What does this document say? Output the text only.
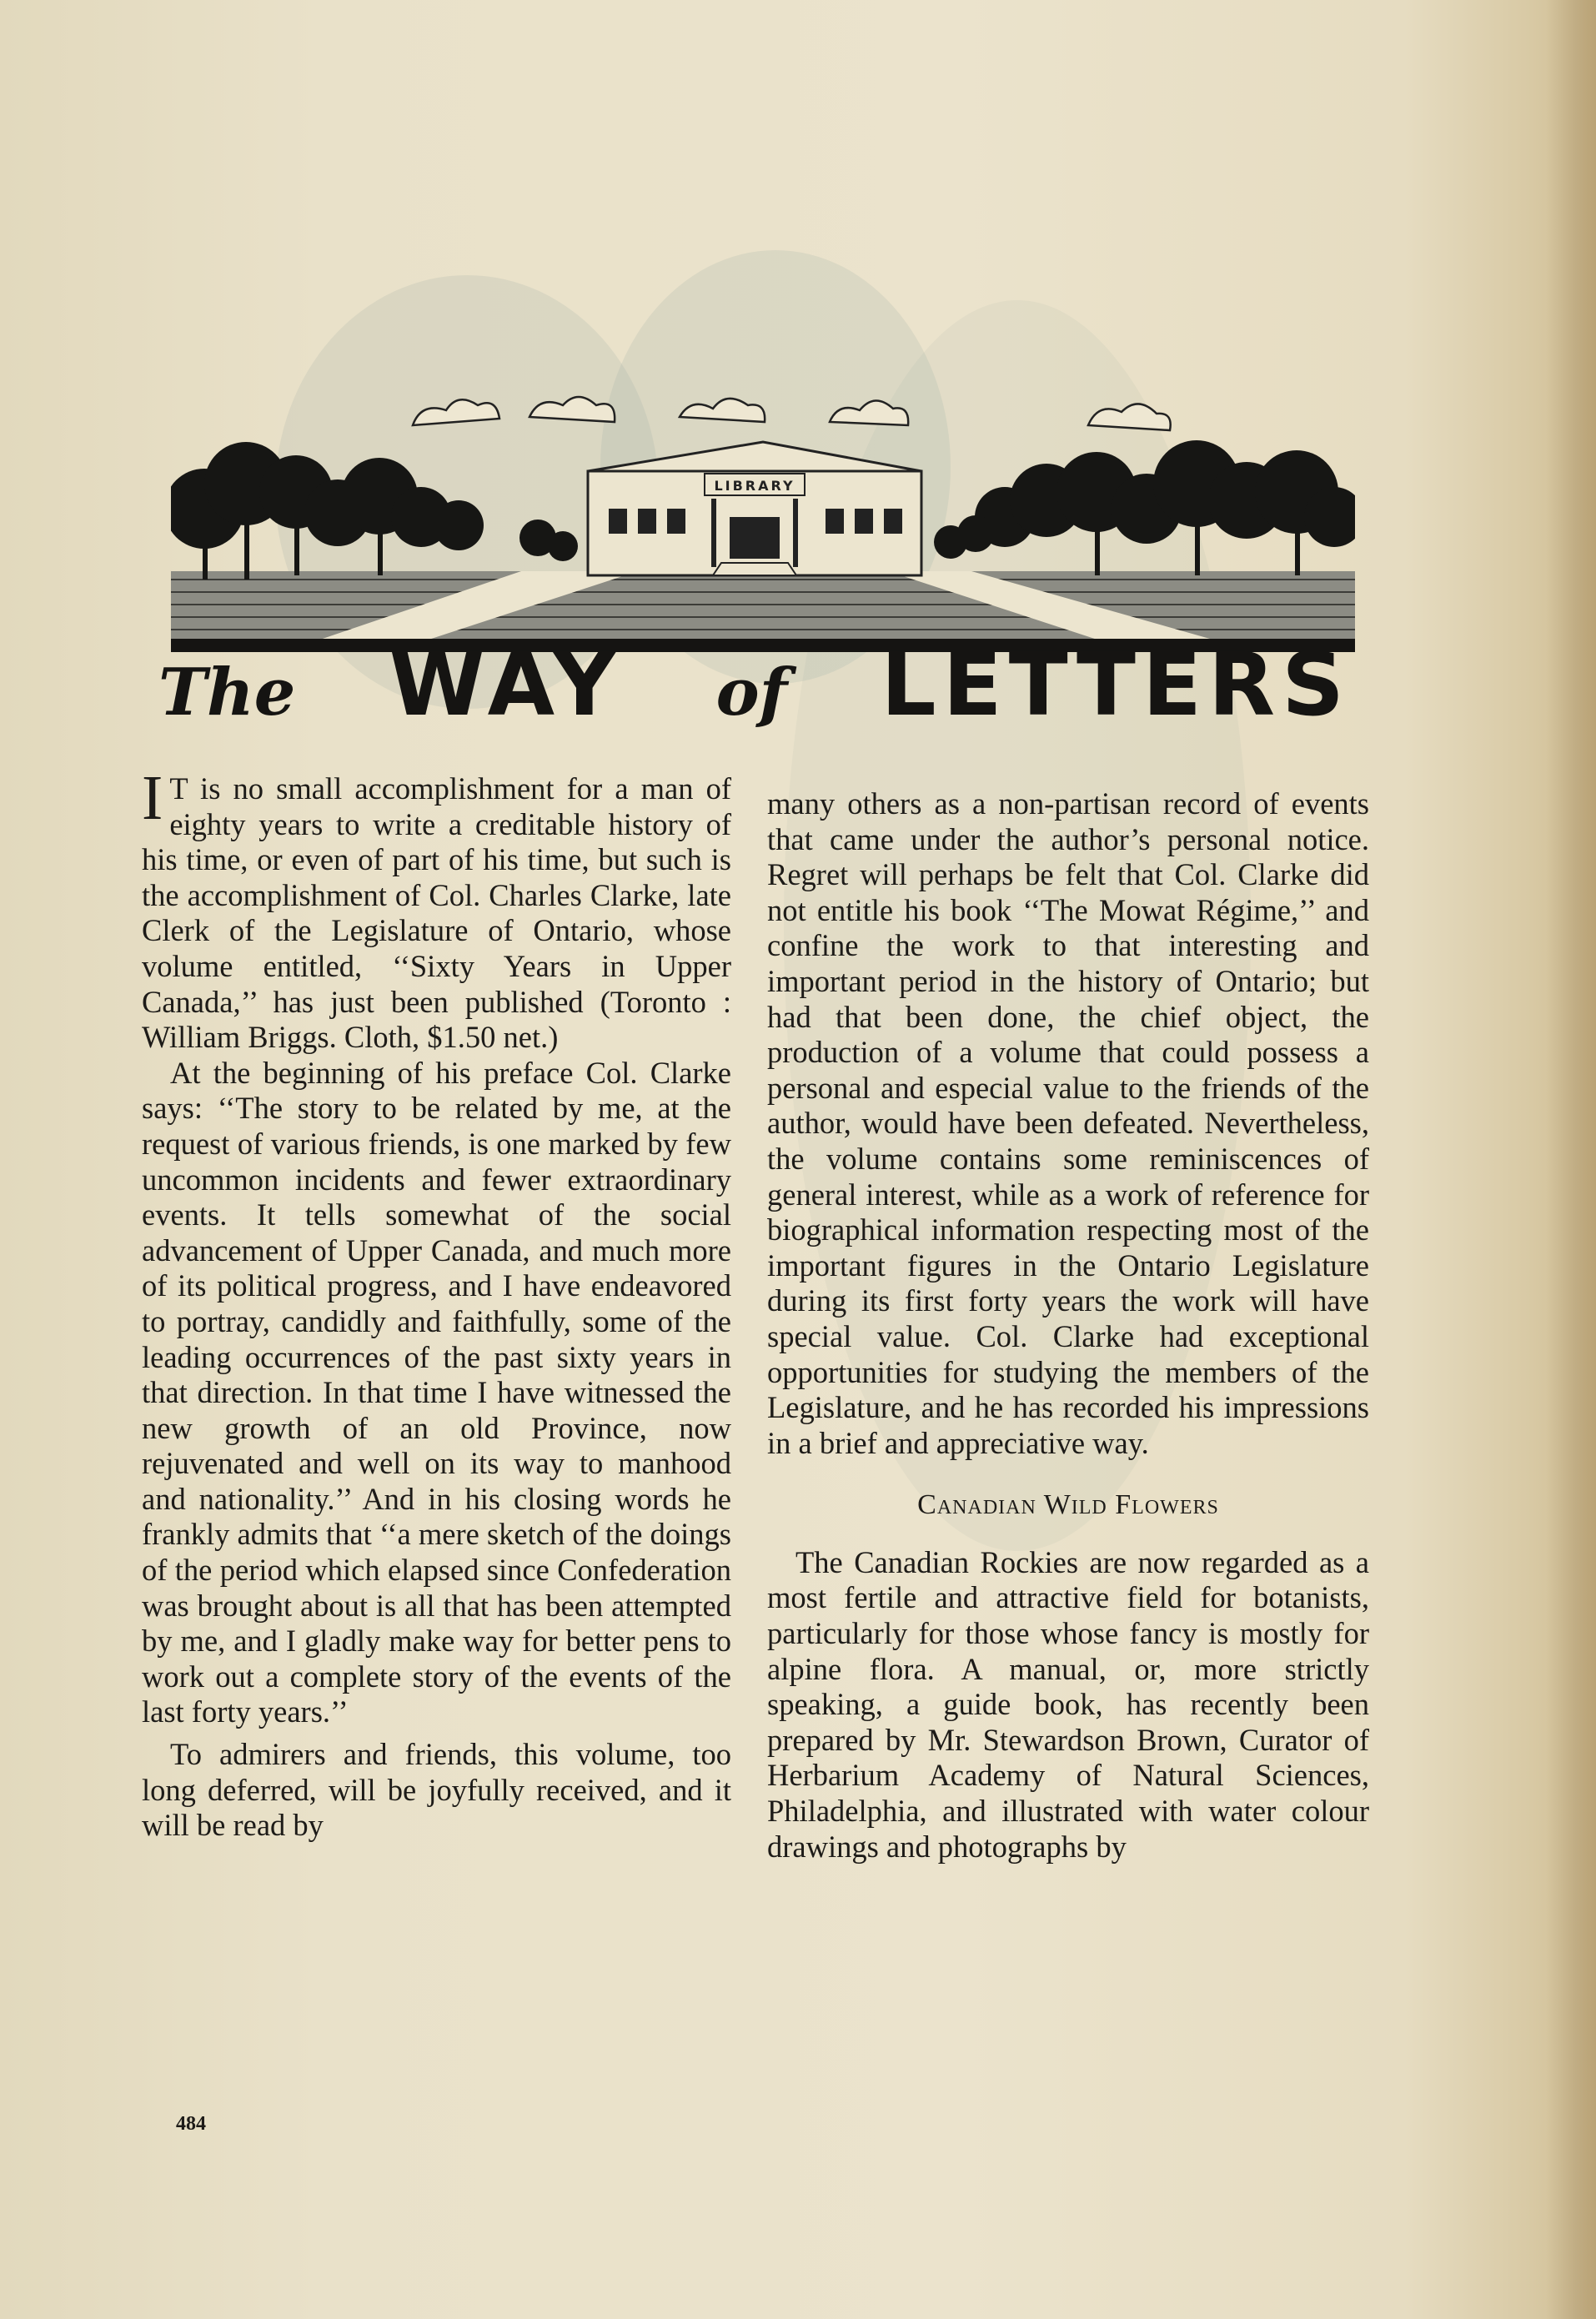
LIBRARY
The WAY of LETTERS

I T is no small accomplishment for a man of eighty years to write a creditable history of his time, or even of part of his time, but such is the accomplishment of Col. Charles Clarke, late Clerk of the Legislature of Ontario, whose volume entitled, ‘‘Sixty Years in Upper Canada,’’ has just been published (Toronto : William Briggs. Cloth, $1.50 net.)

At the beginning of his preface Col. Clarke says: ‘‘The story to be related by me, at the request of various friends, is one marked by few uncommon incidents and fewer extraordinary events. It tells somewhat of the social advancement of Upper Canada, and much more of its political progress, and I have endeavored to portray, candidly and faithfully, some of the leading occurrences of the past sixty years in that direction. In that time I have witnessed the new growth of an old Province, now rejuvenated and well on its way to manhood and nationality.’’ And in his closing words he frankly admits that ‘‘a mere sketch of the doings of the period which elapsed since Confederation was brought about is all that has been attempted by me, and I gladly make way for better pens to work out a complete story of the events of the last forty years.’’

To admirers and friends, this volume, too long deferred, will be joyfully received, and it will be read by

many others as a non-partisan record of events that came under the author’s personal notice. Regret will perhaps be felt that Col. Clarke did not entitle his book ‘‘The Mowat Régime,’’ and confine the work to that interesting and important period in the history of Ontario; but had that been done, the chief object, the production of a volume that could possess a personal and especial value to the friends of the author, would have been defeated. Nevertheless, the volume contains some reminiscences of general interest, while as a work of reference for biographical information respecting most of the important figures in the Ontario Legislature during its first forty years the work will have special value. Col. Clarke had exceptional opportunities for studying the members of the Legislature, and he has recorded his impressions in a brief and appreciative way.

Canadian Wild Flowers

The Canadian Rockies are now regarded as a most fertile and attractive field for botanists, particularly for those whose fancy is mostly for alpine flora. A manual, or, more strictly speaking, a guide book, has recently been prepared by Mr. Stewardson Brown, Curator of Herbarium Academy of Natural Sciences, Philadelphia, and illustrated with water colour drawings and photographs by

484
